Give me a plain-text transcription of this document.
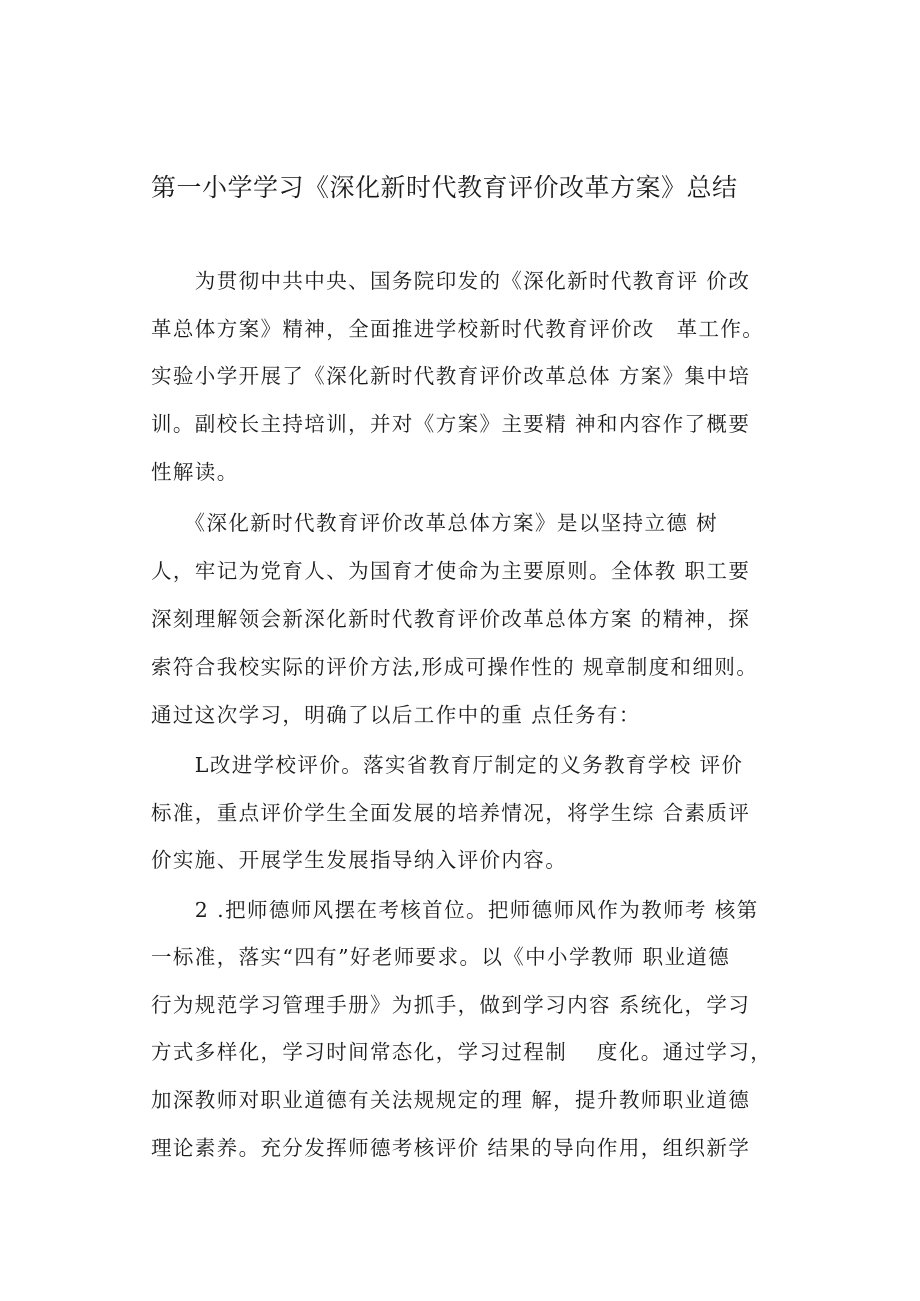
第一小学学习《深化新时代教育评价改革方案》总结
　　为贯彻中共中央、国务院印发的《深化新时代教育评 价改
革总体方案》精神，全面推进学校新时代教育评价改　革工作。
实验小学开展了《深化新时代教育评价改革总体 方案》集中培
训。副校长主持培训，并对《方案》主要精 神和内容作了概要
性解读。
　　《深化新时代教育评价改革总体方案》是以坚持立德 树
人，牢记为党育人、为国育才使命为主要原则。全体教 职工要
深刻理解领会新深化新时代教育评价改革总体方案 的精神，探
索符合我校实际的评价方法,形成可操作性的 规章制度和细则。
通过这次学习，明确了以后工作中的重 点任务有：
　　L改进学校评价。落实省教育厅制定的义务教育学校 评价
标准，重点评价学生全面发展的培养情况，将学生综 合素质评
价实施、开展学生发展指导纳入评价内容。
　　2 .把师德师风摆在考核首位。把师德师风作为教师考 核第
一标准，落实“四有”好老师要求。以《中小学教师 职业道德
行为规范学习管理手册》为抓手，做到学习内容 系统化，学习
方式多样化，学习时间常态化，学习过程制　 度化。通过学习，
加深教师对职业道德有关法规规定的理 解，提升教师职业道德
理论素养。充分发挥师德考核评价 结果的导向作用，组织新学
